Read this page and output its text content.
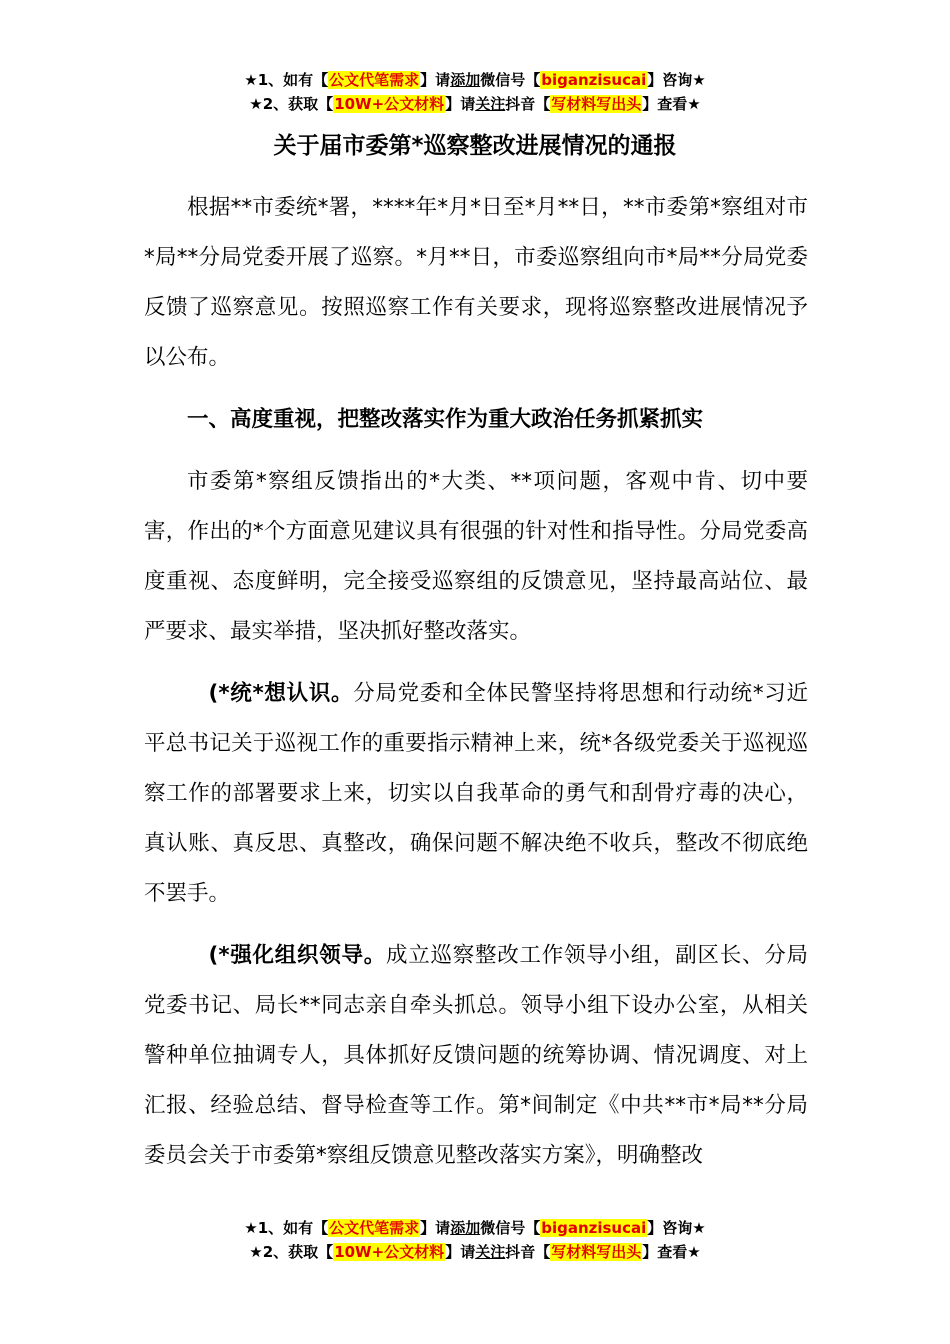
★1、如有【公文代笔需求】请添加微信号【biganzisucai】咨询★
★2、获取【10W+公文材料】请关注抖音【写材料写出头】查看★
关于届市委第*巡察整改进展情况的通报

根据**市委统*署，****年*月*日至*月**日，**市委第*察组对市*局**分局党委开展了巡察。*月**日，市委巡察组向市*局**分局党委反馈了巡察意见。按照巡察工作有关要求，现将巡察整改进展情况予以公布。

一、高度重视，把整改落实作为重大政治任务抓紧抓实

市委第*察组反馈指出的*大类、**项问题，客观中肯、切中要害，作出的*个方面意见建议具有很强的针对性和指导性。分局党委高度重视、态度鲜明，完全接受巡察组的反馈意见，坚持最高站位、最严要求、最实举措，坚决抓好整改落实。

(*统*想认识。分局党委和全体民警坚持将思想和行动统*习近平总书记关于巡视工作的重要指示精神上来，统*各级党委关于巡视巡察工作的部署要求上来，切实以自我革命的勇气和刮骨疗毒的决心，真认账、真反思、真整改，确保问题不解决绝不收兵，整改不彻底绝不罢手。

(*强化组织领导。成立巡察整改工作领导小组，副区长、分局党委书记、局长**同志亲自牵头抓总。领导小组下设办公室，从相关警种单位抽调专人，具体抓好反馈问题的统筹协调、情况调度、对上汇报、经验总结、督导检查等工作。第*间制定《中共**市*局**分局委员会关于市委第*察组反馈意见整改落实方案》，明确整改

★1、如有【公文代笔需求】请添加微信号【biganzisucai】咨询★
★2、获取【10W+公文材料】请关注抖音【写材料写出头】查看★
